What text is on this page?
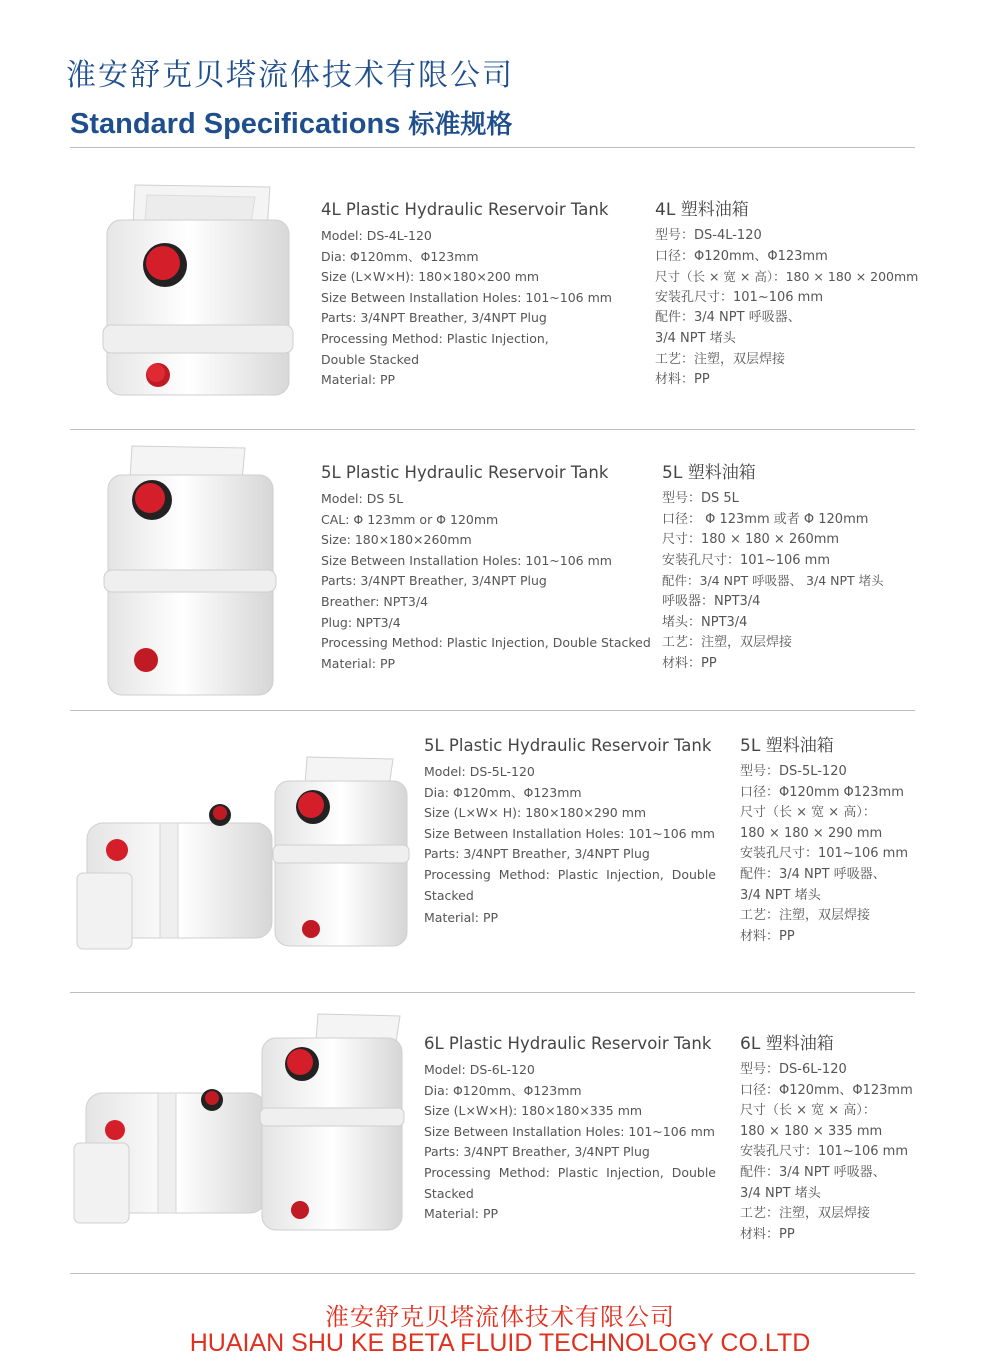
淮安舒克贝塔流体技术有限公司
Standard Specifications 标准规格
4L Plastic Hydraulic Reservoir Tank
Model: DS-4L-120
Dia: Φ120mm、Φ123mm
Size (L×W×H): 180×180×200 mm
Size Between Installation Holes: 101~106 mm
Parts: 3/4NPT Breather, 3/4NPT Plug
Processing Method: Plastic Injection,
Double Stacked
Material: PP
4L 塑料油箱
型号：DS-4L-120
口径：Φ120mm、Φ123mm
尺寸（长 × 宽 × 高）：180 × 180 × 200mm
安装孔尺寸：101~106 mm
配件：3/4 NPT 呼吸器、
3/4 NPT 堵头
工艺：注塑，双层焊接
材料：PP
5L Plastic Hydraulic Reservoir Tank
Model: DS 5L
CAL: Φ 123mm or Φ 120mm
Size: 180×180×260mm
Size Between Installation Holes: 101~106 mm
Parts: 3/4NPT Breather, 3/4NPT Plug
Breather: NPT3/4
Plug: NPT3/4
Processing Method: Plastic Injection, Double Stacked
Material: PP
5L 塑料油箱
型号：DS 5L
口径： Φ 123mm 或者 Φ 120mm
尺寸：180 × 180 × 260mm
安装孔尺寸：101~106 mm
配件：3/4 NPT 呼吸器、 3/4 NPT 堵头
呼吸器：NPT3/4
堵头：NPT3/4
工艺：注塑，双层焊接
材料：PP
5L Plastic Hydraulic Reservoir Tank
Model: DS-5L-120
Dia: Φ120mm、Φ123mm
Size (L×W× H): 180×180×290 mm
Size Between Installation Holes: 101~106 mm
Parts: 3/4NPT Breather, 3/4NPT Plug
Processing Method: Plastic Injection, Double Stacked
Material: PP
5L 塑料油箱
型号：DS-5L-120
口径：Φ120mm Φ123mm
尺寸（长 × 宽 × 高）：
180 × 180 × 290 mm
安装孔尺寸：101~106 mm
配件：3/4 NPT 呼吸器、
3/4 NPT 堵头
工艺：注塑，双层焊接
材料：PP
6L Plastic Hydraulic Reservoir Tank
Model: DS-6L-120
Dia: Φ120mm、Φ123mm
Size (L×W×H): 180×180×335 mm
Size Between Installation Holes: 101~106 mm
Parts: 3/4NPT Breather, 3/4NPT Plug
Processing Method: Plastic Injection, Double Stacked
Material: PP
6L 塑料油箱
型号：DS-6L-120
口径：Φ120mm、Φ123mm
尺寸（长 × 宽 × 高）：
180 × 180 × 335 mm
安装孔尺寸：101~106 mm
配件：3/4 NPT 呼吸器、
3/4 NPT 堵头
工艺：注塑，双层焊接
材料：PP
淮安舒克贝塔流体技术有限公司
HUAIAN SHU KE BETA FLUID TECHNOLOGY CO.LTD
